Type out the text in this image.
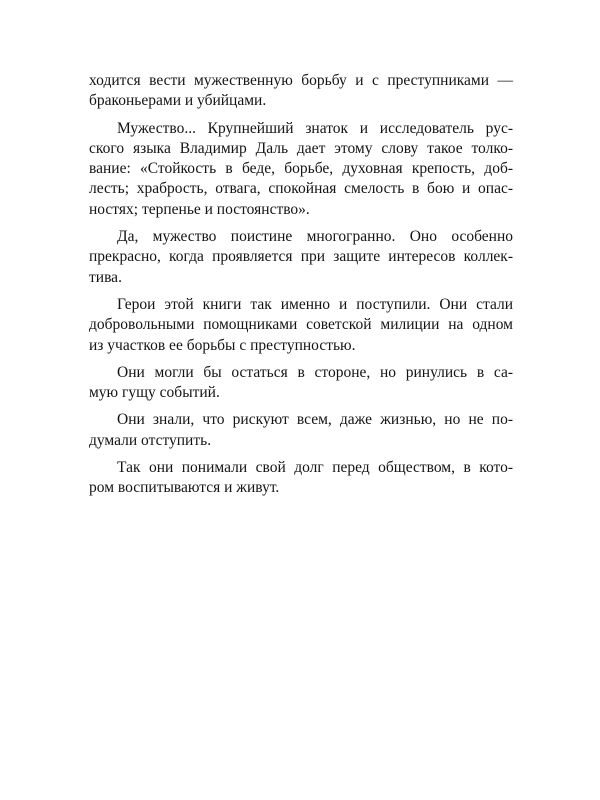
ходится вести мужественную борьбу и с преступниками —
браконьерами и убийцами.

Мужество... Крупнейший знаток и исследователь рус-
ского языка Владимир Даль дает этому слову такое толко-
вание: «Стойкость в беде, борьбе, духовная крепость, доб-
лесть; храбрость, отвага, спокойная смелость в бою и опас-
ностях; терпенье и постоянство».

Да, мужество поистине многогранно. Оно особенно
прекрасно, когда проявляется при защите интересов коллек-
тива.

Герои этой книги так именно и поступили. Они стали
добровольными помощниками советской милиции на одном
из участков ее борьбы с преступностью.

Они могли бы остаться в стороне, но ринулись в са-
мую гущу событий.

Они знали, что рискуют всем, даже жизнью, но не по-
думали отступить.

Так они понимали свой долг перед обществом, в кото-
ром воспитываются и живут.
